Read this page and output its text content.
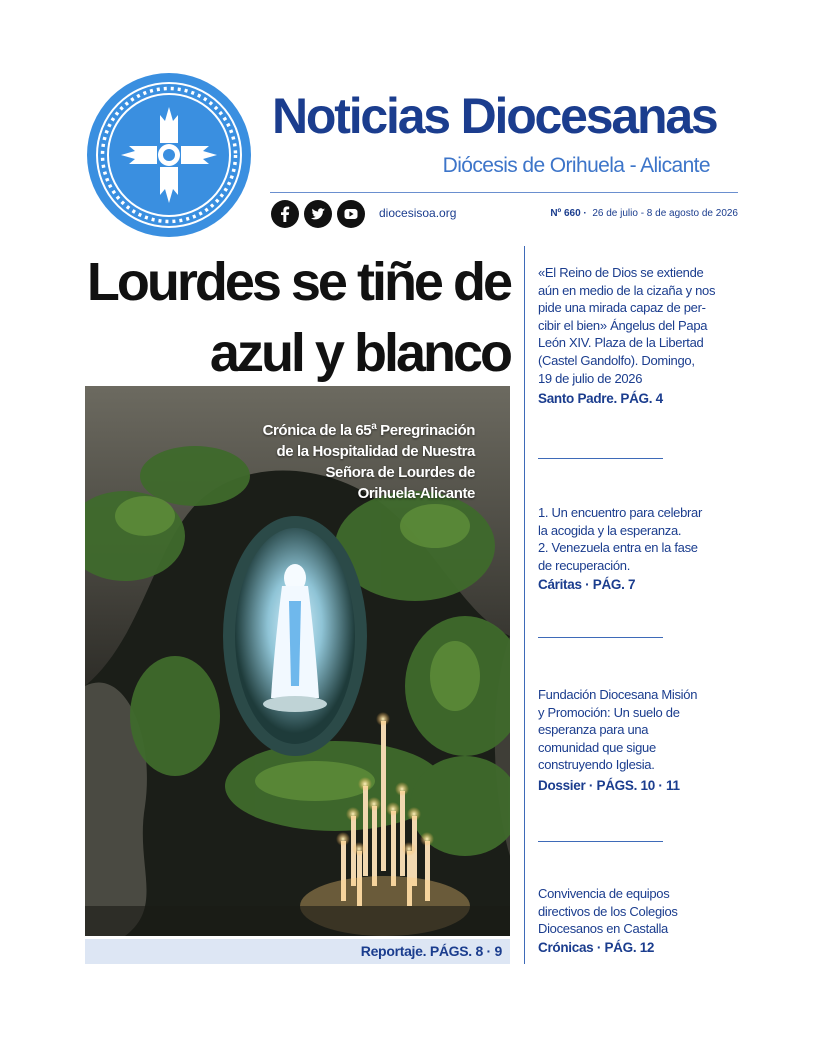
Noticias Diocesanas
Diócesis de Orihuela - Alicante
diocesisoa.org	Nº 660 · 26 de julio - 8 de agosto de 2026
Lourdes se tiñe de
azul y blanco
Crónica de la 65$^a$ Peregrinación
de la Hospitalidad de Nuestra
Señora de Lourdes de
Orihuela-Alicante
Reportaje. PÁGS. 8 · 9
«El Reino de Dios se extiende
aún en medio de la cizaña y nos
pide una mirada capaz de per-
cibir el bien» Ángelus del Papa
León XIV. Plaza de la Libertad
(Castel Gandolfo). Domingo,
19 de julio de 2026
Santo Padre. PÁG. 4
1. Un encuentro para celebrar
la acogida y la esperanza.
2. Venezuela entra en la fase
de recuperación.
Cáritas · PÁG. 7
Fundación Diocesana Misión
y Promoción: Un suelo de
esperanza para una
comunidad que sigue
construyendo Iglesia.
Dossier · PÁGS. 10 · 11
Convivencia de equipos
directivos de los Colegios
Diocesanos en Castalla
Crónicas · PÁG. 12
